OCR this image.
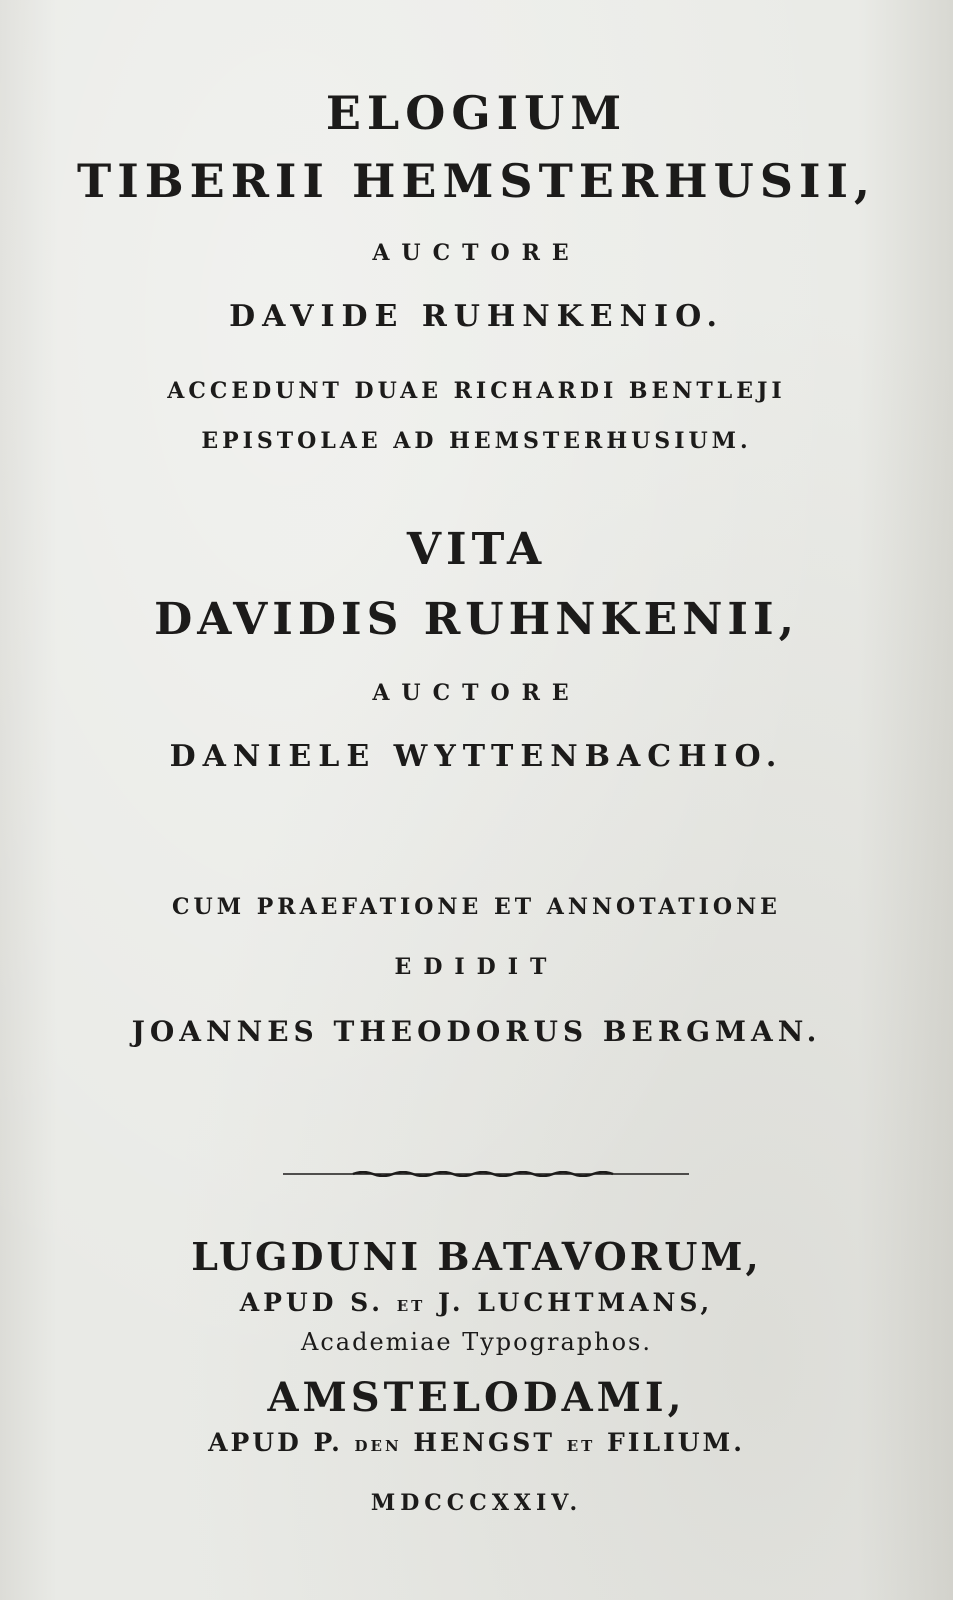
ELOGIUM
TIBERII HEMSTERHUSII,
AUCTORE
DAVIDE RUHNKENIO.
ACCEDUNT DUAE RICHARDI BENTLEJI
EPISTOLAE AD HEMSTERHUSIUM.
VITA
DAVIDIS RUHNKENII,
AUCTORE
DANIELE WYTTENBACHIO.
CUM PRAEFATIONE ET ANNOTATIONE
EDIDIT
JOANNES THEODORUS BERGMAN.
LUGDUNI BATAVORUM,
APUD S. ET J. LUCHTMANS,
Academiae Typographos.
AMSTELODAMI,
APUD P. DEN HENGST ET FILIUM.
MDCCCXXIV.
